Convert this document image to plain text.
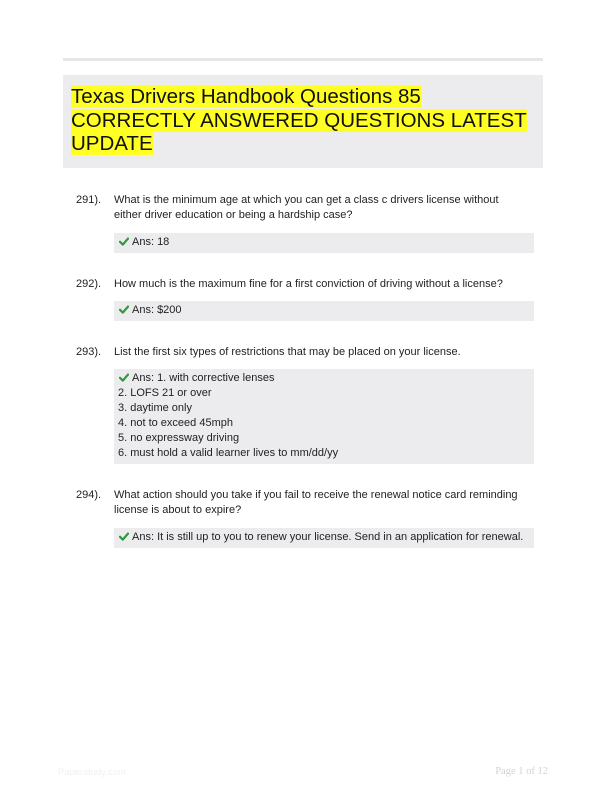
Texas Drivers Handbook Questions 85
CORRECTLY ANSWERED QUESTIONS LATEST
UPDATE
291). What is the minimum age at which you can get a class c drivers license without either driver education or being a hardship case?
Ans: 18
292). How much is the maximum fine for a first conviction of driving without a license?
Ans: $200
293). List the first six types of restrictions that may be placed on your license.
Ans: 1. with corrective lenses
2. LOFS 21 or over
3. daytime only
4. not to exceed 45mph
5. no expressway driving
6. must hold a valid learner lives to mm/dd/yy
294). What action should you take if you fail to receive the renewal notice card reminding license is about to expire?
Ans: It is still up to you to renew your license. Send in an application for renewal.
Paperstudy.com	Page 1 of 12
